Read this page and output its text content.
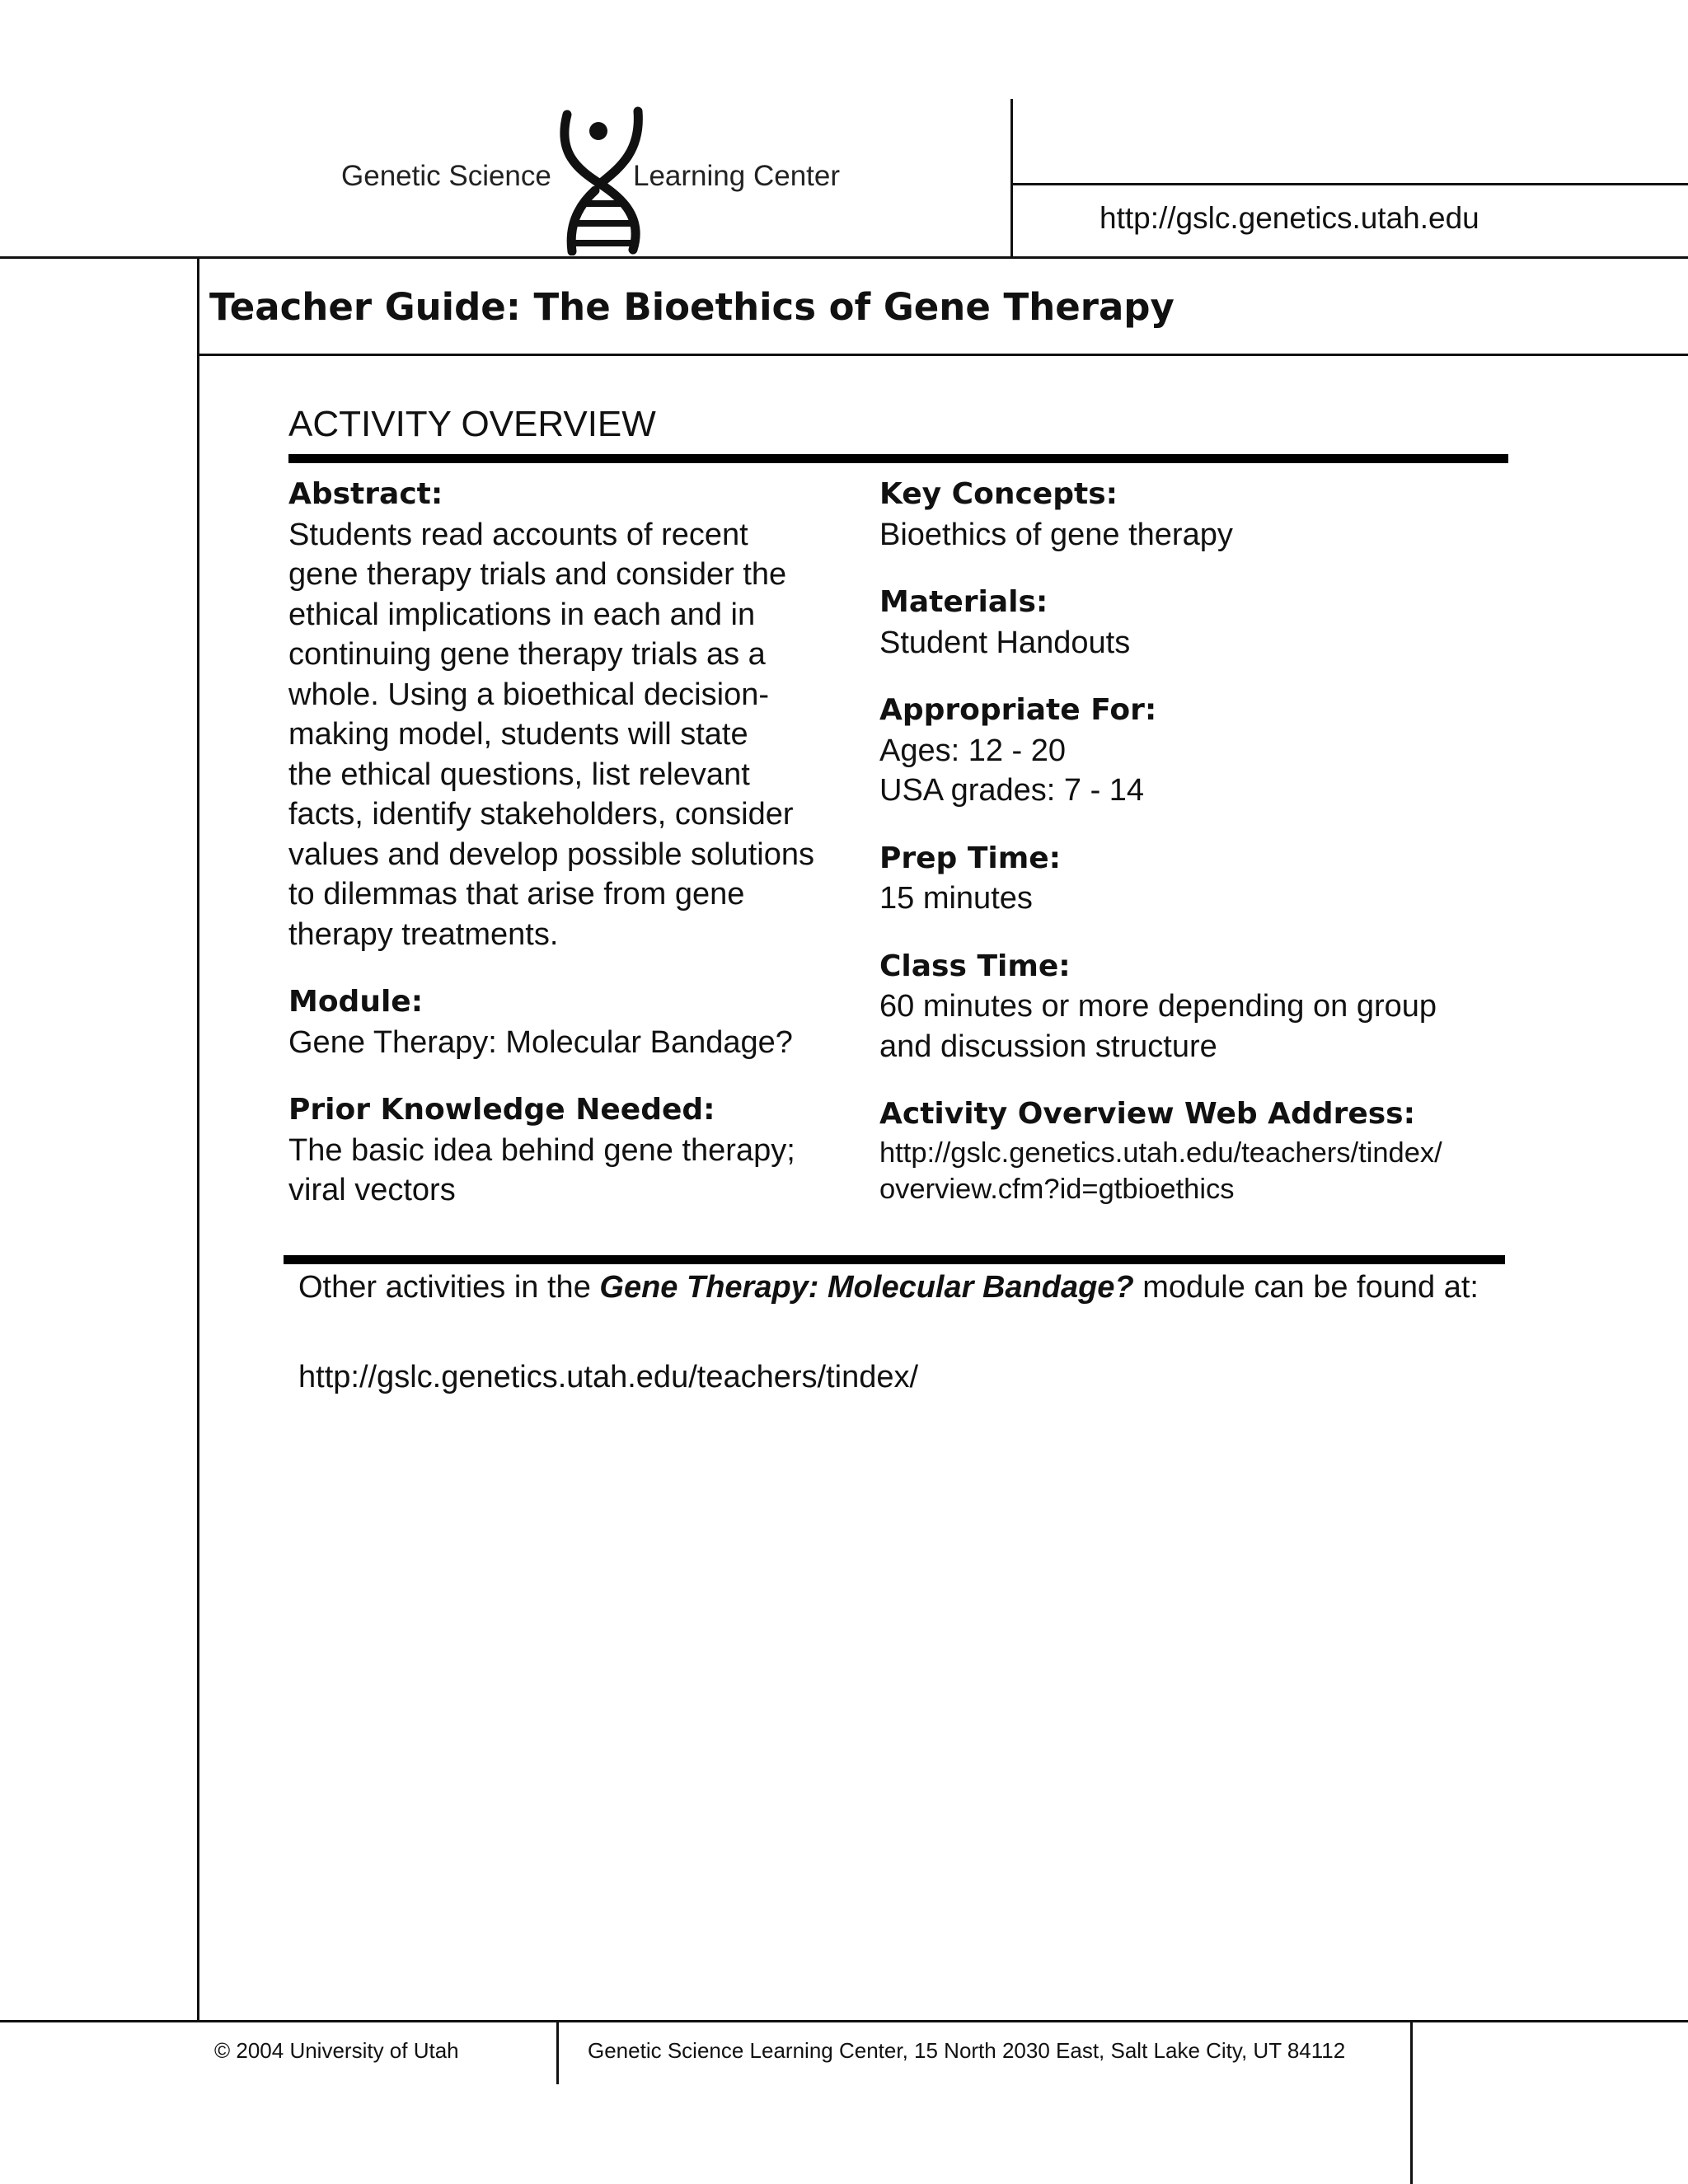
Genetic Science	Learning Center
http://gslc.genetics.utah.edu
Teacher Guide: The Bioethics of Gene Therapy
ACTIVITY OVERVIEW
Abstract:
Students read accounts of recent
gene therapy trials and consider the
ethical implications in each and in
continuing gene therapy trials as a
whole. Using a bioethical decision-
making model, students will state
the ethical questions, list relevant
facts, identify stakeholders, consider
values and develop possible solutions
to dilemmas that arise from gene
therapy treatments.
Module:
Gene Therapy: Molecular Bandage?
Prior Knowledge Needed:
The basic idea behind gene therapy;
viral vectors
Key Concepts:
Bioethics of gene therapy
Materials:
Student Handouts
Appropriate For:
Ages: 12 - 20
USA grades: 7 - 14
Prep Time:
15 minutes
Class Time:
60 minutes or more depending on group
and discussion structure
Activity Overview Web Address:
http://gslc.genetics.utah.edu/teachers/tindex/
overview.cfm?id=gtbioethics
Other activities in the Gene Therapy: Molecular Bandage? module can be found at:
http://gslc.genetics.utah.edu/teachers/tindex/
© 2004 University of Utah	Genetic Science Learning Center, 15 North 2030 East, Salt Lake City, UT 84112
